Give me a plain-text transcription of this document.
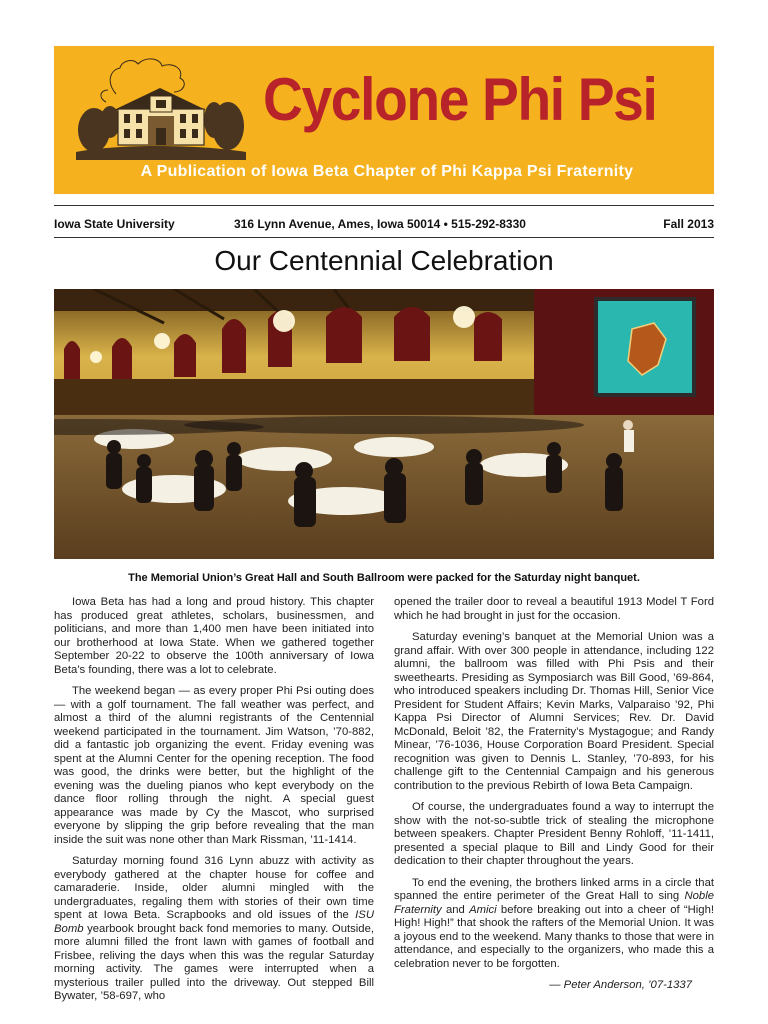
Cyclone Phi Psi

A Publication of Iowa Beta Chapter of Phi Kappa Psi Fraternity

Iowa State University	316 Lynn Avenue, Ames, Iowa 50014 • 515-292-8330	Fall 2013
Our Centennial Celebration

The Memorial Union’s Great Hall and South Ballroom were packed for the Saturday night banquet.

Iowa Beta has had a long and proud history. This chapter has produced great athletes, scholars, businessmen, and politicians, and more than 1,400 men have been initiated into our brotherhood at Iowa State. When we gathered together September 20-22 to observe the 100th anniversary of Iowa Beta’s founding, there was a lot to celebrate.

The weekend began — as every proper Phi Psi outing does — with a golf tournament. The fall weather was perfect, and almost a third of the alumni registrants of the Centennial weekend participated in the tournament. Jim Watson, ’70-882, did a fantastic job organizing the event. Friday evening was spent at the Alumni Center for the opening reception. The food was good, the drinks were better, but the highlight of the evening was the dueling pianos who kept everybody on the dance floor rolling through the night. A special guest appearance was made by Cy the Mascot, who surprised everyone by slipping the grip before revealing that the man inside the suit was none other than Mark Rissman, ’11-1414.

Saturday morning found 316 Lynn abuzz with activity as everybody gathered at the chapter house for coffee and camaraderie. Inside, older alumni mingled with the undergraduates, regaling them with stories of their own time spent at Iowa Beta. Scrapbooks and old issues of the ISU Bomb yearbook brought back fond memories to many. Outside, more alumni filled the front lawn with games of football and Frisbee, reliving the days when this was the regular Saturday morning activity. The games were interrupted when a mysterious trailer pulled into the driveway. Out stepped Bill Bywater, ’58-697, who

opened the trailer door to reveal a beautiful 1913 Model T Ford which he had brought in just for the occasion.

Saturday evening’s banquet at the Memorial Union was a grand affair. With over 300 people in attendance, including 122 alumni, the ballroom was filled with Phi Psis and their sweethearts. Presiding as Symposiarch was Bill Good, ’69-864, who introduced speakers including Dr. Thomas Hill, Senior Vice President for Student Affairs; Kevin Marks, Valparaiso ’92, Phi Kappa Psi Director of Alumni Services; Rev. Dr. David McDonald, Beloit ’82, the Fraternity’s Mystagogue; and Randy Minear, ’76-1036, House Corporation Board President. Special recognition was given to Dennis L. Stanley, ’70-893, for his challenge gift to the Centennial Campaign and his generous contribution to the previous Rebirth of Iowa Beta Campaign.

Of course, the undergraduates found a way to interrupt the show with the not-so-subtle trick of stealing the microphone between speakers. Chapter President Benny Rohloff, ’11-1411, presented a special plaque to Bill and Lindy Good for their dedication to their chapter throughout the years.

To end the evening, the brothers linked arms in a circle that spanned the entire perimeter of the Great Hall to sing Noble Fraternity and Amici before breaking out into a cheer of “High! High! High!” that shook the rafters of the Memorial Union. It was a joyous end to the weekend. Many thanks to those that were in attendance, and especially to the organizers, who made this a celebration never to be forgotten.

— Peter Anderson, ’07-1337
